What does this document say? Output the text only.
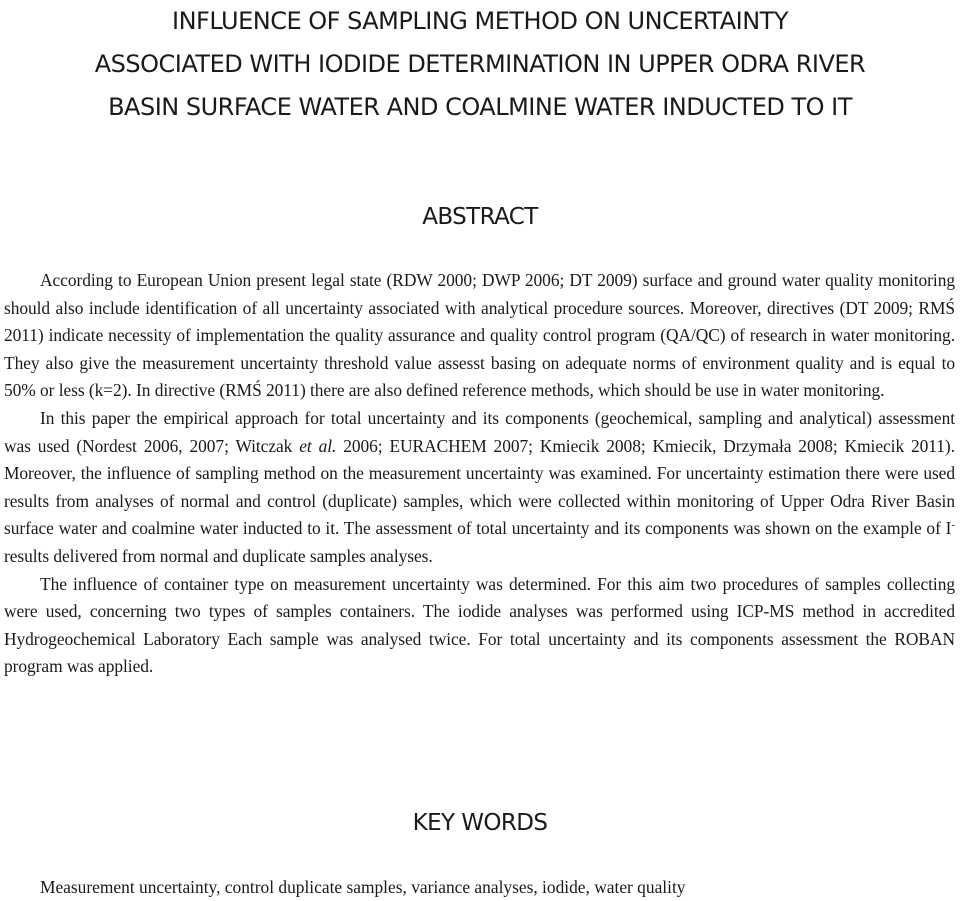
INFLUENCE OF SAMPLING METHOD ON UNCERTAINTY
ASSOCIATED WITH IODIDE DETERMINATION IN UPPER ODRA RIVER
BASIN SURFACE WATER AND COALMINE WATER INDUCTED TO IT
ABSTRACT

According to European Union present legal state (RDW 2000; DWP 2006; DT 2009) surface and ground water quality monitoring should also include identification of all uncertainty associated with analytical procedure sources. Moreover, directives (DT 2009; RMŚ 2011) indicate necessity of implementation the quality assurance and quality control program (QA/QC) of research in water monitoring. They also give the measurement uncertainty threshold value assesst basing on adequate norms of environment quality and is equal to 50% or less (k=2). In directive (RMŚ 2011) there are also defined reference methods, which should be use in water monitoring.

In this paper the empirical approach for total uncertainty and its components (geochemical, sampling and analytical) assessment was used (Nordest 2006, 2007; Witczak et al. 2006; EURACHEM 2007; Kmiecik 2008; Kmiecik, Drzymała 2008; Kmiecik 2011). Moreover, the influence of sampling method on the measurement uncertainty was examined. For uncertainty estimation there were used results from analyses of normal and control (duplicate) samples, which were collected within monitoring of Upper Odra River Basin surface water and coalmine water inducted to it. The assessment of total uncertainty and its components was shown on the example of I- results delivered from normal and duplicate samples analyses.

The influence of container type on measurement uncertainty was determined. For this aim two procedures of samples collecting were used, concerning two types of samples containers. The iodide analyses was performed using ICP-MS method in accredited Hydrogeochemical Laboratory Each sample was analysed twice. For total uncertainty and its components assessment the ROBAN program was applied.

KEY WORDS

Measurement uncertainty, control duplicate samples, variance analyses, iodide, water quality
